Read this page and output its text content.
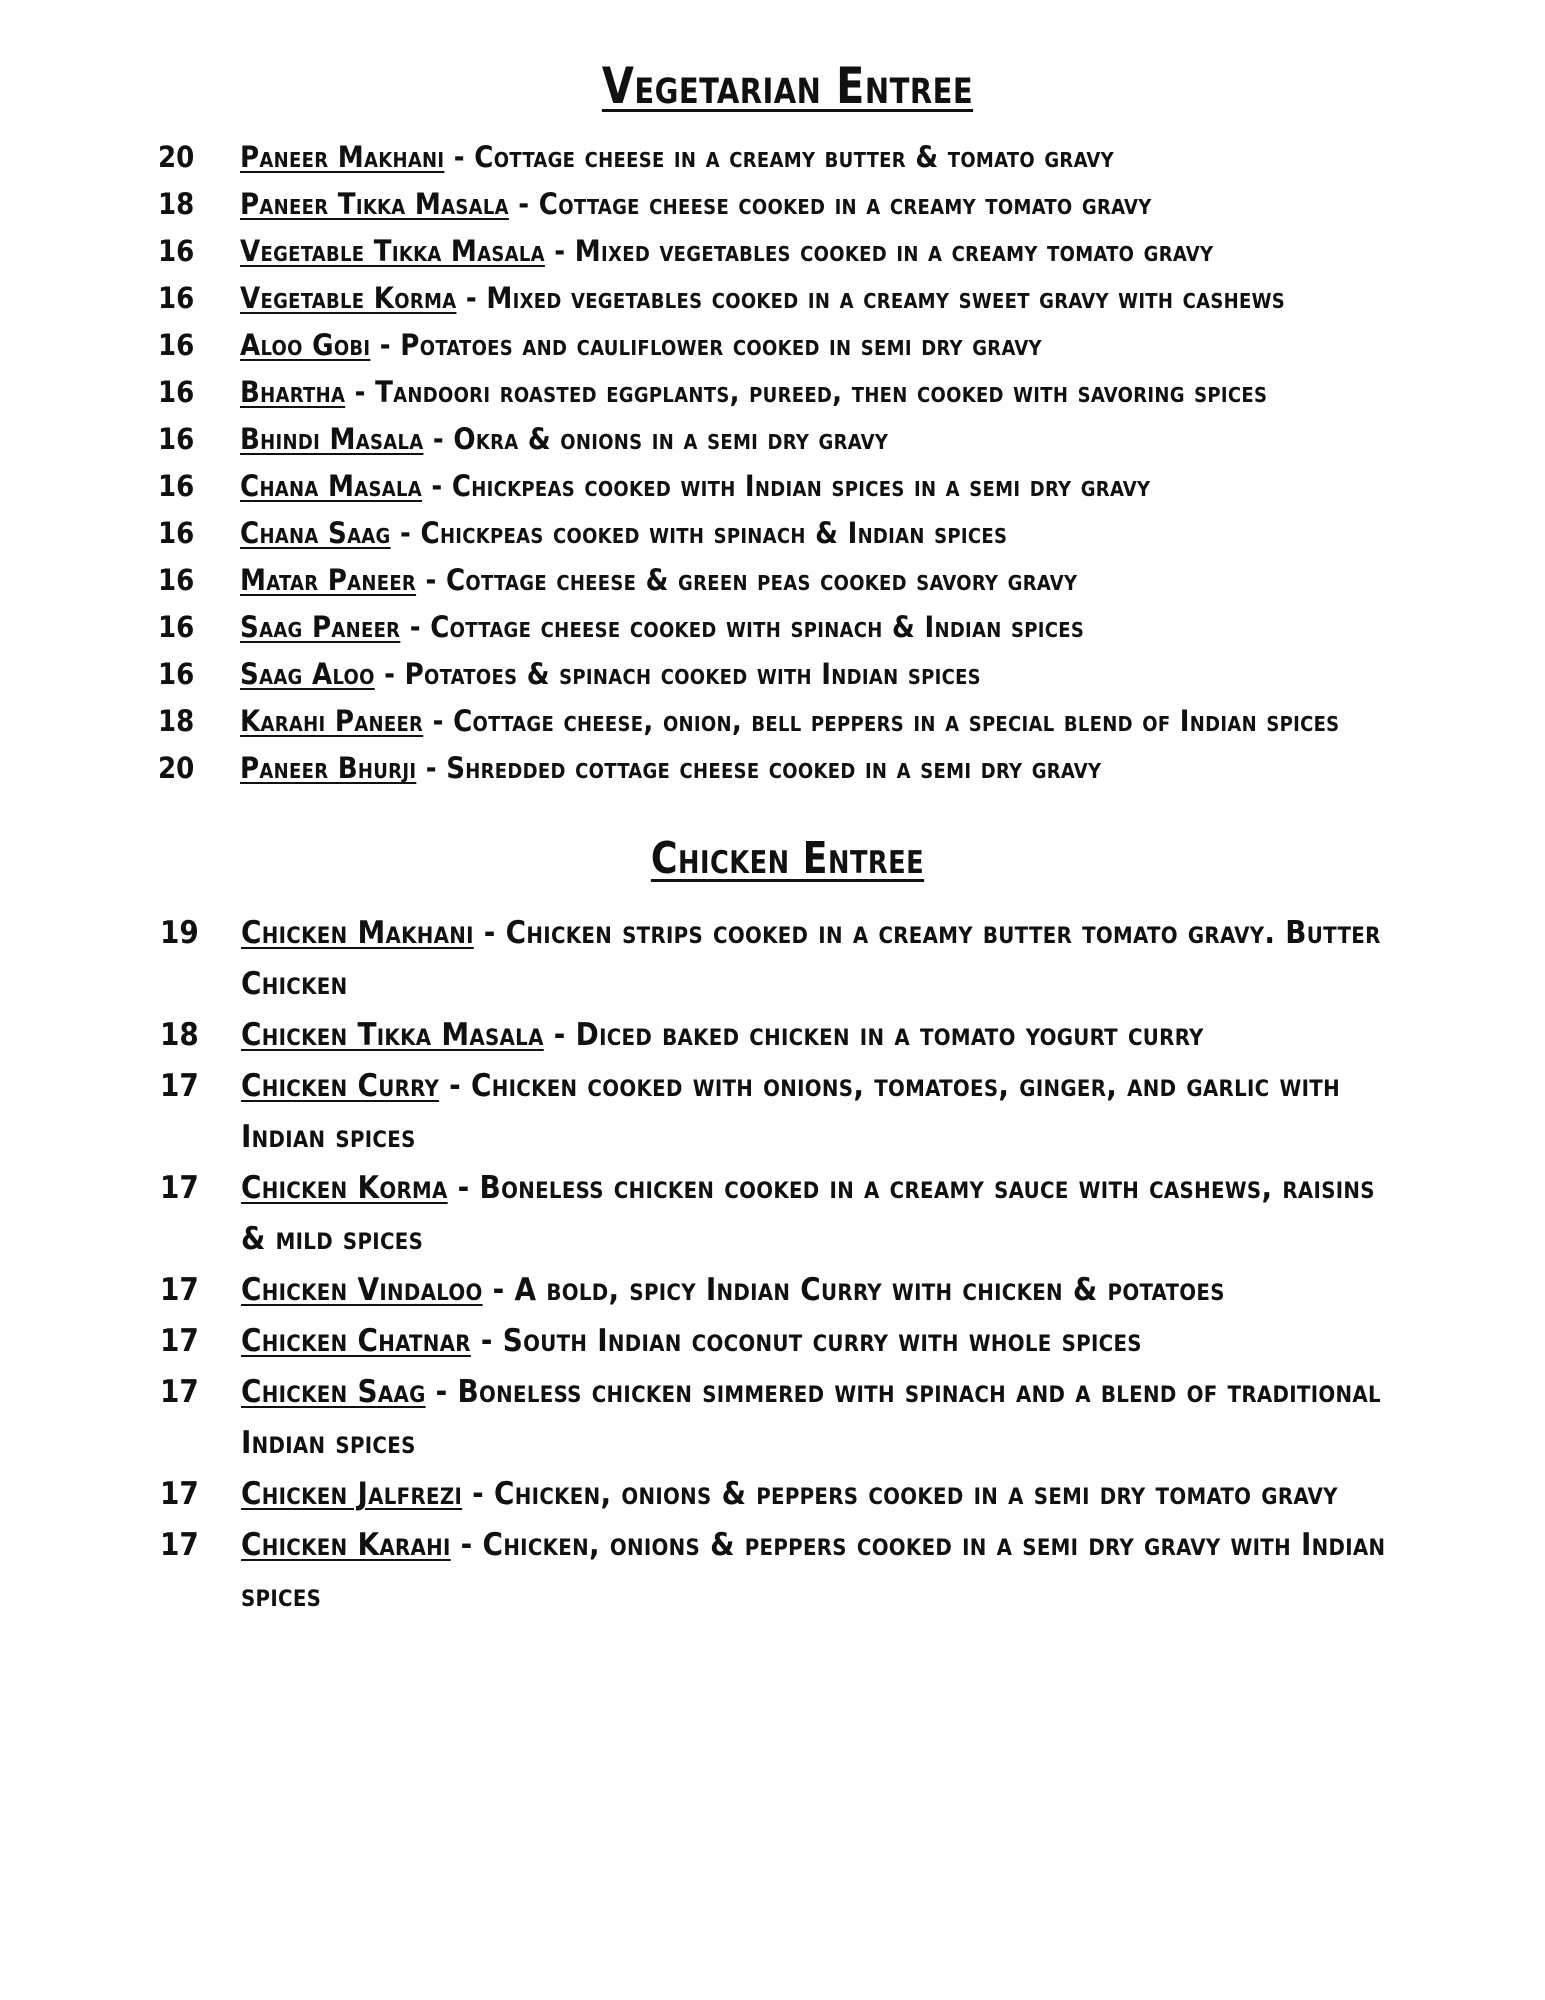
Vegetarian Entree
20	Paneer Makhani - Cottage cheese in a creamy butter & tomato gravy
18	Paneer Tikka Masala - Cottage cheese cooked in a creamy tomato gravy
16	Vegetable Tikka Masala - Mixed vegetables cooked in a creamy tomato gravy
16	Vegetable Korma - Mixed vegetables cooked in a creamy sweet gravy with cashews
16	Aloo Gobi - Potatoes and cauliflower cooked in semi dry gravy
16	Bhartha - Tandoori roasted eggplants, pureed, then cooked with savoring spices
16	Bhindi Masala - Okra & onions in a semi dry gravy
16	Chana Masala - Chickpeas cooked with Indian spices in a semi dry gravy
16	Chana Saag - Chickpeas cooked with spinach & Indian spices
16	Matar Paneer - Cottage cheese & green peas cooked savory gravy
16	Saag Paneer - Cottage cheese cooked with spinach & Indian spices
16	Saag Aloo - Potatoes & spinach cooked with Indian spices
18	Karahi Paneer - Cottage cheese, onion, bell peppers in a special blend of Indian spices
20	Paneer Bhurji - Shredded cottage cheese cooked in a semi dry gravy
Chicken Entree
19	Chicken Makhani - Chicken strips cooked in a creamy butter tomato gravy. Butter Chicken
18	Chicken Tikka Masala - Diced baked chicken in a tomato yogurt curry
17	Chicken Curry - Chicken cooked with onions, tomatoes, ginger, and garlic with Indian spices
17	Chicken Korma - Boneless chicken cooked in a creamy sauce with cashews, raisins & mild spices
17	Chicken Vindaloo - A bold, spicy Indian Curry with chicken & potatoes
17	Chicken Chatnar - South Indian coconut curry with whole spices
17	Chicken Saag - Boneless chicken simmered with spinach and a blend of traditional Indian spices
17	Chicken Jalfrezi - Chicken, onions & peppers cooked in a semi dry tomato gravy
17	Chicken Karahi - Chicken, onions & peppers cooked in a semi dry gravy with Indian spices
